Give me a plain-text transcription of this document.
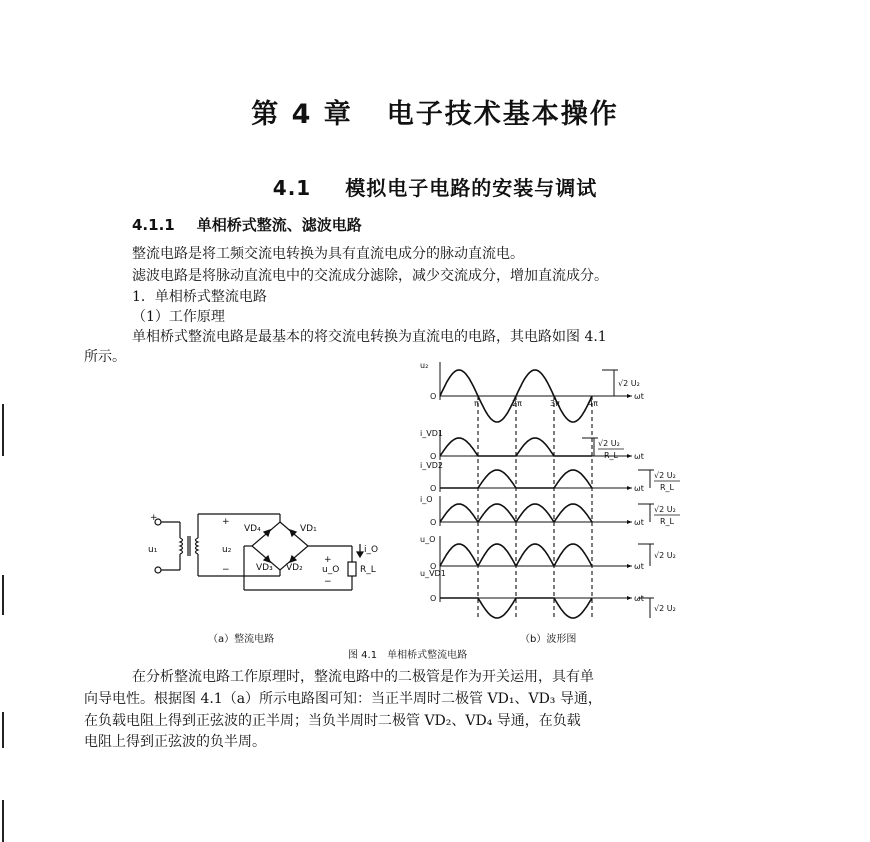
第 4 章 电子技术基本操作
4.1 模拟电子电路的安装与调试
4.1.1 单相桥式整流、滤波电路
整流电路是将工频交流电转换为具有直流电成分的脉动直流电。
滤波电路是将脉动直流电中的交流成分滤除，减少交流成分，增加直流成分。
1．单相桥式整流电路
（1）工作原理
单相桥式整流电路是最基本的将交流电转换为直流电的电路，其电路如图 4.1
所示。
+
u₁
+
u₂
−
VD₄	VD₁
VD₃ VD₂
+
u_O
−
i_O
R_L
O	ωt
u₂
O	ωt
i_VD1
O	ωt
i_VD2
O	ωt
i_O
O	ωt
u_O
O	ωt
u_VD1
π	2π	3π	4π
√2 U₂
√2 U₂
R_L
√2 U₂
R_L
√2 U₂
R_L
√2 U₂
√2 U₂
（a）整流电路	（b）波形图
图 4.1　单相桥式整流电路
在分析整流电路工作原理时，整流电路中的二极管是作为开关运用，具有单
向导电性。根据图 4.1（a）所示电路图可知：当正半周时二极管 VD₁、VD₃ 导通，
在负载电阻上得到正弦波的正半周；当负半周时二极管 VD₂、VD₄ 导通，在负载
电阻上得到正弦波的负半周。
